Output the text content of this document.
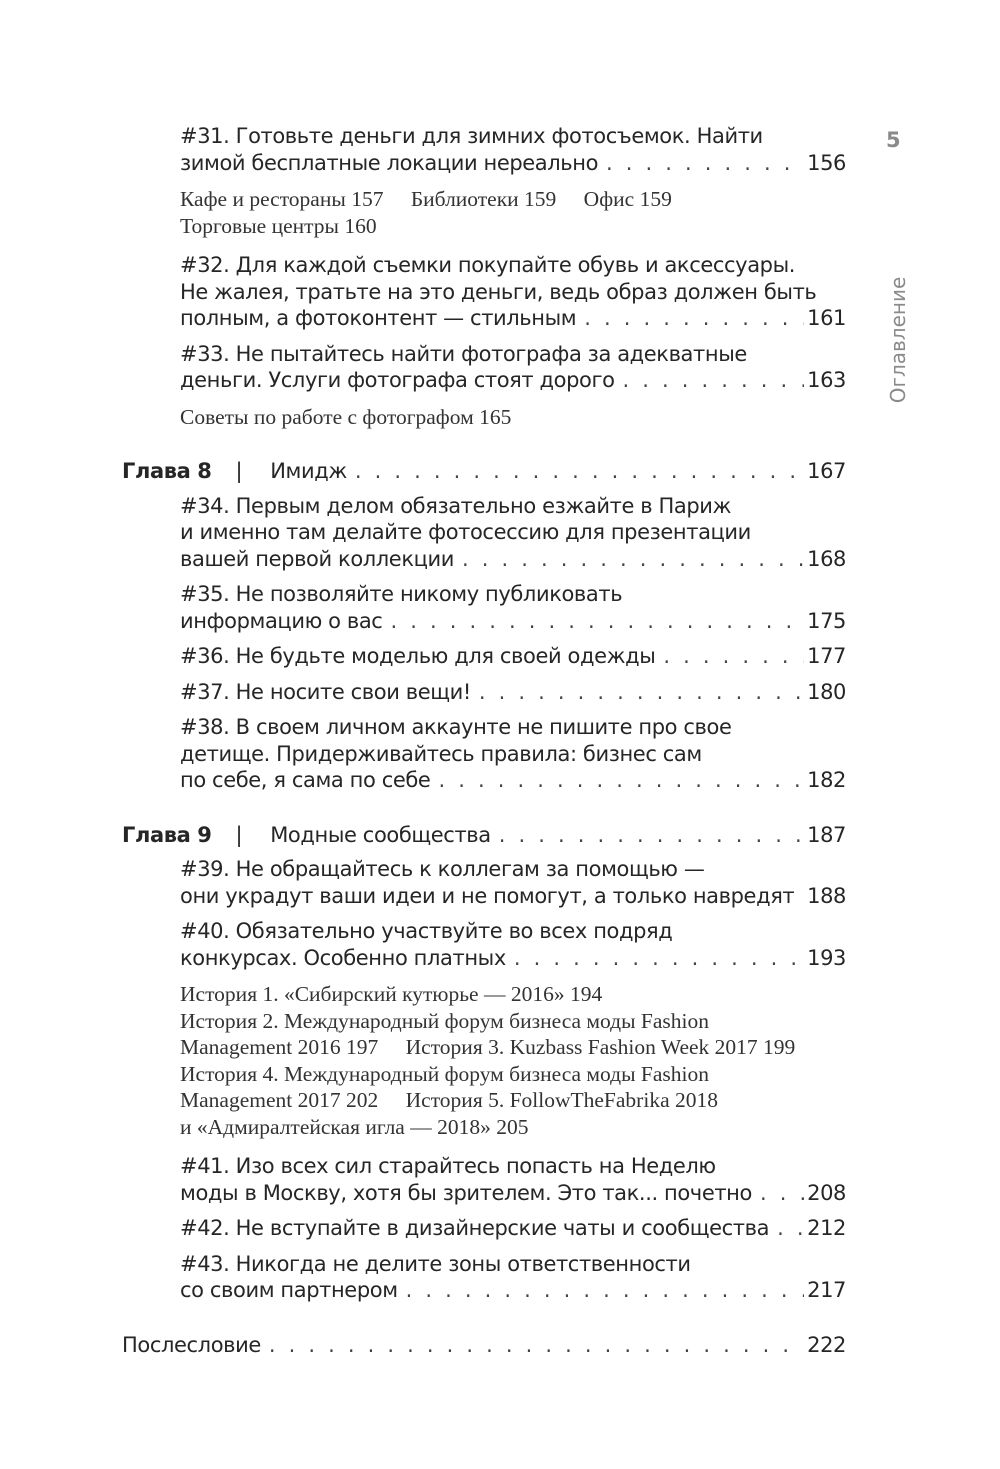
5
Оглавление
#31. Готовьте деньги для зимних фотосъемок. Найти
зимой бесплатные локации нереально . . .	156
Кафе и рестораны 157 Библиотеки 159 Офис 159
Торговые центры 160
#32. Для каждой съемки покупайте обувь и аксессуары.
Не жалея, тратьте на это деньги, ведь образ должен быть
полным, а фотоконтент — стильным . . .	161
#33. Не пытайтесь найти фотографа за адекватные
деньги. Услуги фотографа стоят дорого . . .	163
Советы по работе с фотографом 165
Глава 8 | Имидж . . .	167
#34. Первым делом обязательно езжайте в Париж
и именно там делайте фотосессию для презентации
вашей первой коллекции . . .	168
#35. Не позволяйте никому публиковать
информацию о вас . . .	175
#36. Не будьте моделью для своей одежды . . .	177
#37. Не носите свои вещи! . . .	180
#38. В своем личном аккаунте не пишите про свое
детище. Придерживайтесь правила: бизнес сам
по себе, я сама по себе . . .	182
Глава 9 | Модные сообщества . . .	187
#39. Не обращайтесь к коллегам за помощью —
они украдут ваши идеи и не помогут, а только навредят . . . 188
#40. Обязательно участвуйте во всех подряд
конкурсах. Особенно платных . . .	193
История 1. «Сибирский кутюрье — 2016» 194
История 2. Международный форум бизнеса моды Fashion
Management 2016 197 История 3. Kuzbass Fashion Week 2017 199
История 4. Международный форум бизнеса моды Fashion
Management 2017 202 История 5. FollowTheFabrika 2018
и «Адмиралтейская игла — 2018» 205
#41. Изо всех сил старайтесь попасть на Неделю
моды в Москву, хотя бы зрителем. Это так... почетно . . .	208
#42. Не вступайте в дизайнерские чаты и сообщества . . . 212
#43. Никогда не делите зоны ответственности
со своим партнером . . .	217
Послесловие . . .	222
